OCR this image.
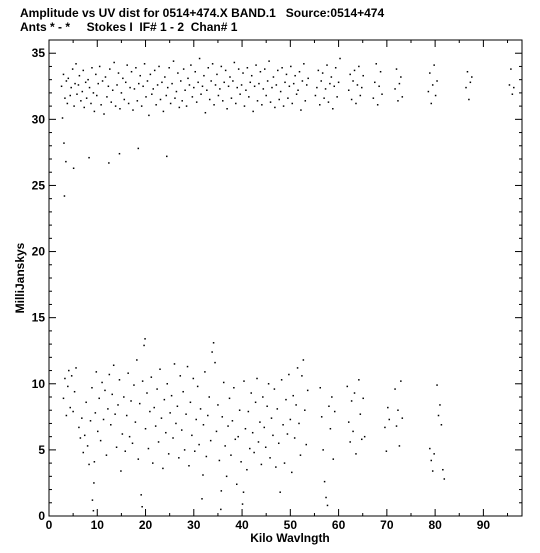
Amplitude vs UV dist for 0514+474.X BAND.1   Source:0514+474
Ants * - *     Stokes I  IF# 1 - 2  Chan# 1
0	10	20	30	40	50	60	70	80	90
0
5
10
15
20
25
30
35
Kilo Wavlngth
MilliJanskys
